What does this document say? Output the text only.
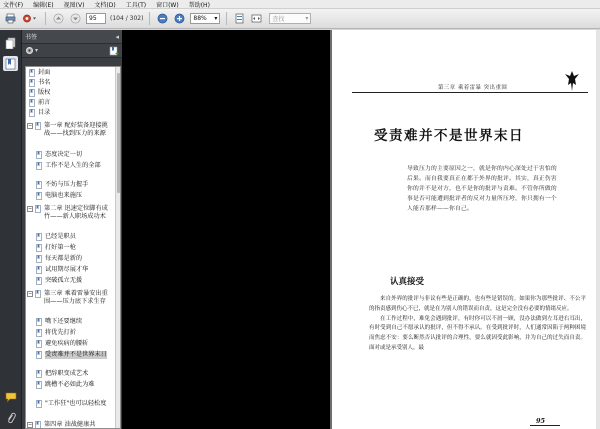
文件(F) 编辑(E) 视图(V) 文档(D) 工具(T) 窗口(W) 帮助(H)
95 (104 / 302)	88% ▾	查找	▾
书签	◂
▾
封面
书名
版权
前言
目录
− 第一章 配好装备迎接挑战——找到压力的来源
态度决定一切
工作不是人生的全部
不妨与压力握手
电脑也来施压
− 第二章 迅速定位脚有成竹——新人职场成功术
已经是职员
打好第一枪
每天都是新的
试用期尽展才华
突破孤立无援
− 第三章 乘着雷暴安出重围——压力底下求生存
嘴下还要继续
将优先打折
避免疾病的腰斩
受责难并不是世界末日
把辞职变成艺术
跳槽不必如此为难
"工作狂"也可以轻松度
− 第四章 油战健康共
第三章 乘着雷暴 突出重围
受责难并不是世界末日
导致压力的主要原因之一，就是你的内心深处过于害怕的后果。而自我要真正在都于外界的批评。其实，真正伤害你的并不是对方，也不是你的批评与责难。不管你所做的事是否可能遭到批评者的反对力量所压垮，你只拥有一个人能否那样——你自己。
认真接受

来自外界的批评与非议有些是正确的，也有些是错误的。如果你为那些批评、不公平的指责感到伤心不已，就是在为别人的错误而自责，这是完全没有必要的情绪反应。

在工作过程中，难免会遇到批评，有时你可以不屑一顾，没办法做到左耳进右耳出，有时受到自己不愿承认的批评，但不得不承认。在受到批评时，人们通常因陷于两种困境而焦虑不安：要么断然否认批评的合理性，要么就因受此影响，并为自己的过失而自责。面对或是承受别人，最

95
